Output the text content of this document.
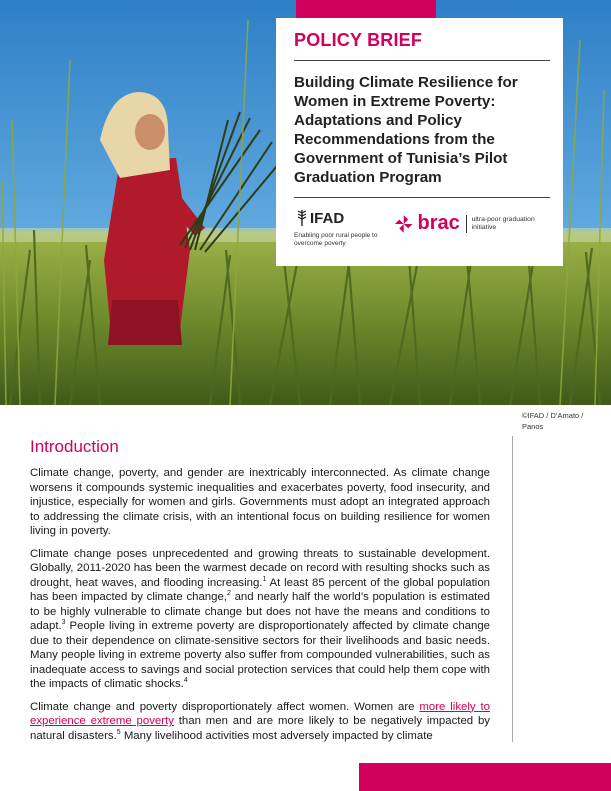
POLICY BRIEF

Building Climate Resilience for Women in Extreme Poverty: Adaptations and Policy Recommendations from the Government of Tunisia’s Pilot Graduation Program

IFAD
Enabling poor rural people to overcome poverty
brac ultra-poor graduation initiative
©IFAD / D’Amato / Panos
Introduction

Climate change, poverty, and gender are inextricably interconnected. As climate change worsens it compounds systemic inequalities and exacerbates poverty, food insecurity, and injustice, especially for women and girls. Governments must adopt an integrated approach to addressing the climate crisis, with an intentional focus on building resilience for women living in poverty.

Climate change poses unprecedented and growing threats to sustainable development. Globally, 2011-2020 has been the warmest decade on record with resulting shocks such as drought, heat waves, and flooding increasing.$^1$ At least 85 percent of the global population has been impacted by climate change,$^2$ and nearly half the world’s population is estimated to be highly vulnerable to climate change but does not have the means and conditions to adapt.$^3$ People living in extreme poverty are disproportionately affected by climate change due to their dependence on climate-sensitive sectors for their livelihoods and basic needs. Many people living in extreme poverty also suffer from compounded vulnerabilities, such as inadequate access to savings and social protection services that could help them cope with the impacts of climatic shocks.$^4$

Climate change and poverty disproportionately affect women. Women are more likely to experience extreme poverty than men and are more likely to be negatively impacted by natural disasters.$^5$ Many livelihood activities most adversely impacted by climate
